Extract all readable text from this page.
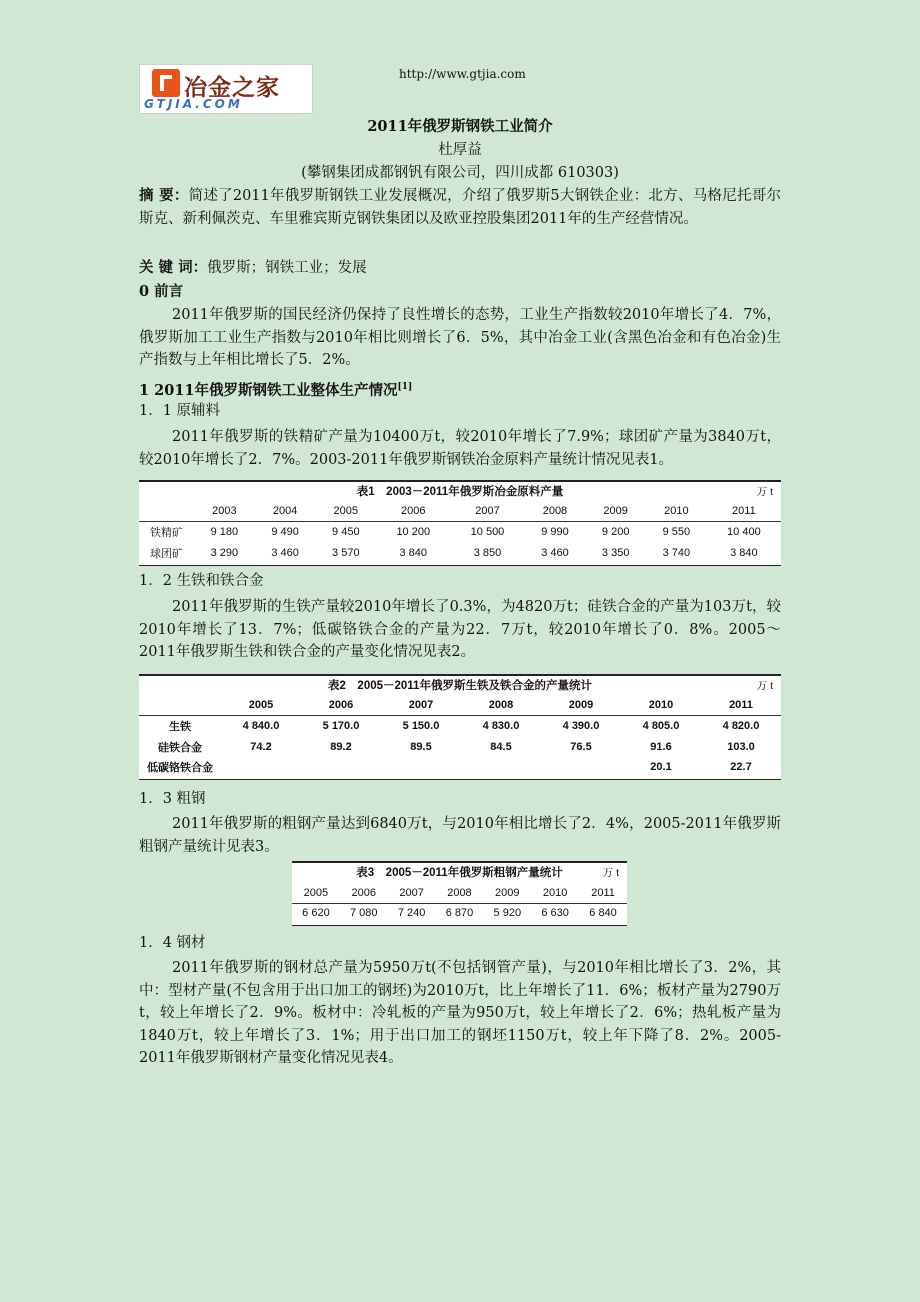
冶金之家
GTJIA.COM
http://www.gtjia.com
2011年俄罗斯钢铁工业简介
杜厚益
(攀钢集团成都钢钒有限公司，四川成都 610303)
摘 要：简述了2011年俄罗斯钢铁工业发展概况，介绍了俄罗斯5大钢铁企业：北方、马格尼托哥尔斯克、新利佩茨克、车里雅宾斯克钢铁集团以及欧亚控股集团2011年的生产经营情况。
关 键 词：俄罗斯；钢铁工业；发展
0 前言
2011年俄罗斯的国民经济仍保持了良性增长的态势，工业生产指数较2010年增长了4．7%，俄罗斯加工工业生产指数与2010年相比则增长了6．5%，其中冶金工业(含黑色冶金和有色冶金)生产指数与上年相比增长了5．2%。
1 2011年俄罗斯钢铁工业整体生产情况[1]
1．1 原辅料
2011年俄罗斯的铁精矿产量为10400万t，较2010年增长了7.9%；球团矿产量为3840万t，较2010年增长了2．7%。2003-2011年俄罗斯钢铁冶金原料产量统计情况见表1。
表1　2003－2011年俄罗斯冶金原料产量	万 t
	2003	2004	2005	2006	2007	2008	2009	2010	2011
铁精矿	9 180	9 490	9 450	10 200	10 500	9 990	9 200	9 550	10 400
球团矿	3 290	3 460	3 570	3 840	3 850	3 460	3 350	3 740	3 840
1．2 生铁和铁合金
2011年俄罗斯的生铁产量较2010年增长了0.3%，为4820万t；硅铁合金的产量为103万t，较2010年增长了13．7%；低碳铬铁合金的产量为22．7万t，较2010年增长了0．8%。2005～2011年俄罗斯生铁和铁合金的产量变化情况见表2。
表2　2005－2011年俄罗斯生铁及铁合金的产量统计	万 t
	2005	2006	2007	2008	2009	2010	2011
生铁	4 840.0	5 170.0	5 150.0	4 830.0	4 390.0	4 805.0	4 820.0
硅铁合金	74.2	89.2	89.5	84.5	76.5	91.6	103.0
低碳铬铁合金						20.1	22.7
1．3 粗钢
2011年俄罗斯的粗钢产量达到6840万t，与2010年相比增长了2．4%，2005-2011年俄罗斯粗钢产量统计见表3。
表3　2005－2011年俄罗斯粗钢产量统计	万 t
2005	2006	2007	2008	2009	2010	2011
6 620	7 080	7 240	6 870	5 920	6 630	6 840
1．4 钢材
2011年俄罗斯的钢材总产量为5950万t(不包括钢管产量)，与2010年相比增长了3．2%，其中：型材产量(不包含用于出口加工的钢坯)为2010万t，比上年增长了11．6%；板材产量为2790万t，较上年增长了2．9%。板材中：冷轧板的产量为950万t，较上年增长了2．6%；热轧板产量为1840万t，较上年增长了3．1%；用于出口加工的钢坯1150万t，较上年下降了8．2%。2005-2011年俄罗斯钢材产量变化情况见表4。
